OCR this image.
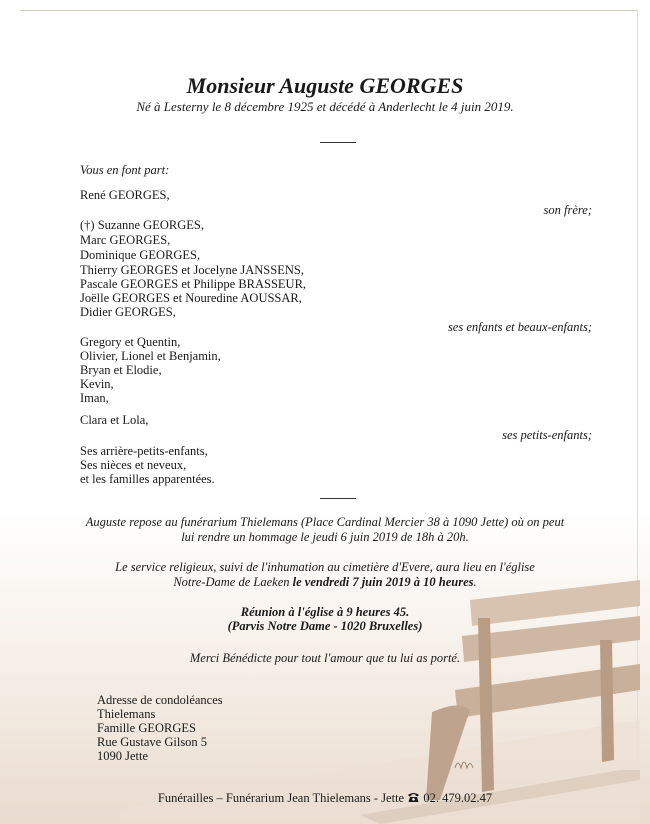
Monsieur Auguste GEORGES
Né à Lesterny le 8 décembre 1925 et décédé à Anderlecht le 4 juin 2019.
Vous en font part:
René GEORGES,
son frère;
(†) Suzanne GEORGES,
Marc GEORGES,
Dominique GEORGES,
Thierry GEORGES et Jocelyne JANSSENS,
Pascale GEORGES et Philippe BRASSEUR,
Joëlle GEORGES et Nouredine AOUSSAR,
Didier GEORGES,
ses enfants et beaux-enfants;
Gregory et Quentin,
Olivier, Lionel et Benjamin,
Bryan et Elodie,
Kevin,
Iman,
Clara et Lola,
ses petits-enfants;
Ses arrière-petits-enfants,
Ses nièces et neveux,
et les familles apparentées.
Auguste repose au funérarium Thielemans (Place Cardinal Mercier 38 à 1090 Jette) où on peut
lui rendre un hommage le jeudi 6 juin 2019 de 18h à 20h.
Le service religieux, suivi de l'inhumation au cimetière d'Evere, aura lieu en l'église
Notre-Dame de Laeken le vendredi 7 juin 2019 à 10 heures.
Réunion à l'église à 9 heures 45.
(Parvis Notre Dame - 1020 Bruxelles)
Merci Bénédicte pour tout l'amour que tu lui as porté.
Adresse de condoléances
Thielemans
Famille GEORGES
Rue Gustave Gilson 5
1090 Jette
Funérailles – Funérarium Jean Thielemans - Jette 02. 479.02.47
